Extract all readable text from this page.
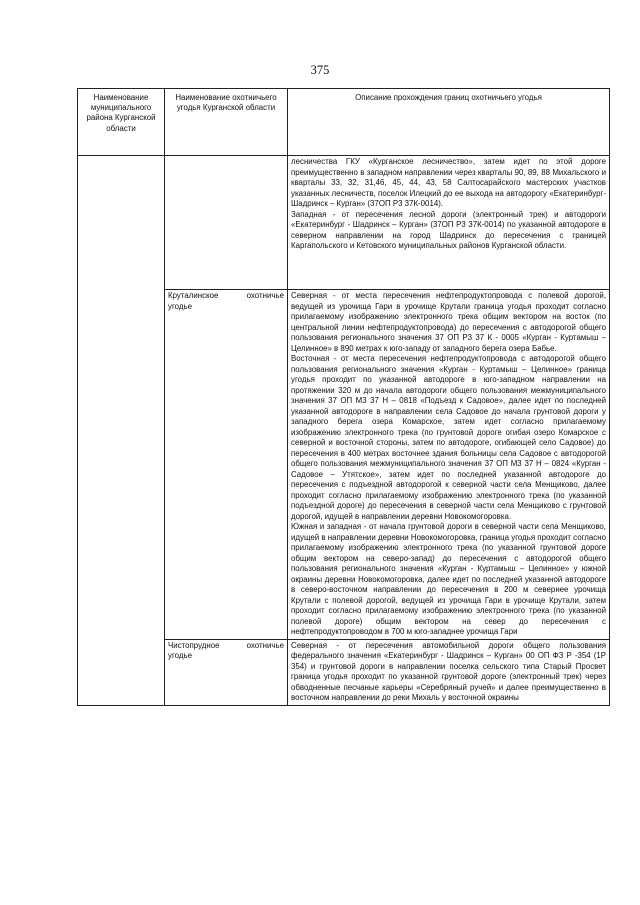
375
Наименование муниципального района Курганской области	Наименование охотничьего угодья Курганской области	Описание прохождения границ охотничьего угодья

		лесничества ГКУ «Курганское лесничество», затем идет по этой дороге преимущественно в западном направлении через кварталы 90, 89, 88 Михальского и кварталы 33, 32, 31,46, 45, 44, 43, 58 Салтосарайского мастерских участков указанных лесничеств, поселок Илецкий до ее выхода на автодорогу «Екатеринбург-Шадринск – Курган» (37ОП Р3 37К-0014).

Западная - от пересечения лесной дороги (электронный трек) и автодороги «Екатеринбург - Шадринск – Курган» (37ОП Р3 37К-0014) по указанной автодороге в северном направлении на город Шадринск до пересечения с границей Каргапольского и Кетовского муниципальных районов Курганской области.

	Круталинское охотничье угодье	Северная - от места пересечения нефтепродуктопровода с полевой дорогой, ведущей из урочища Гари в урочище Крутали граница угодья проходит согласно прилагаемому изображению электронного трека общим вектором на восток (по центральной линии нефтепродуктопровода) до пересечения с автодорогой общего пользования регионального значения 37 ОП Р3 37 К - 0005 «Курган - Куртамыш – Целинное» в 890 метрах к юго-западу от западного берега озера Бабье.

Восточная - от места пересечения нефтепродуктопровода с автодорогой общего пользования регионального значения «Курган - Куртамыш – Целинное» граница угодья проходит по указанной автодороге в юго-западном направлении на протяжении 320 м до начала автодороги общего пользования межмуниципального значения 37 ОП М3 37 Н – 0818 «Подъезд к Садовое», далее идет по последней указанной автодороге в направлении села Садовое до начала грунтовой дороги у западного берега озера Комарское, затем идет согласно прилагаемому изображению электронного трека (по грунтовой дороге огибая озеро Комарское с северной и восточной стороны, затем по автодороге, огибающей село Садовое) до пересечения в 400 метрах восточнее здания больницы села Садовое с автодорогой общего пользования межмуниципального значения 37 ОП М3 37 Н – 0824 «Курган - Садовое – Утятское», затем идет по последней указанной автодороге до пересечения с подъездной автодорогой к северной части села Менщиково, далее проходит согласно прилагаемому изображению электронного трека (по указанной подъездной дороге) до пересечения в северной части села Менщиково с грунтовой дорогой, идущей в направлении деревни Новокомогоровка.

Южная и западная - от начала грунтовой дороги в северной части села Менщиково, идущей в направлении деревни Новокомогоровка, граница угодья проходит согласно прилагаемому изображению электронного трека (по указанной грунтовой дороге общим вектором на северо-запад) до пересечения с автодорогой общего пользования регионального значения «Курган - Куртамыш – Целинное» у южной окраины деревни Новокомогоровка, далее идет по последней указанной автодороге в северо-восточном направлении до пересечения в 200 м севернее урочища Крутали с полевой дорогой, ведущей из урочища Гари в урочище Крутали, затем проходит согласно прилагаемому изображению электронного трека (по указанной полевой дороге) общим вектором на север до пересечения с нефтепродуктопроводом в 700 м юго-западнее урочища Гари

	Чистопрудное охотничье угодье	Северная - от пересечения автомобильной дороги общего пользования федерального значения «Екатеринбург - Шадринск – Курган» 00 ОП ФЗ Р -354 (1Р 354) и грунтовой дороги в направлении поселка сельского типа Старый Просвет граница угодья проходит по указанной грунтовой дороге (электронный трек) через обводненные песчаные карьеры «Серебряный ручей» и далее преимущественно в восточном направлении до реки Михаль у восточной окраины
